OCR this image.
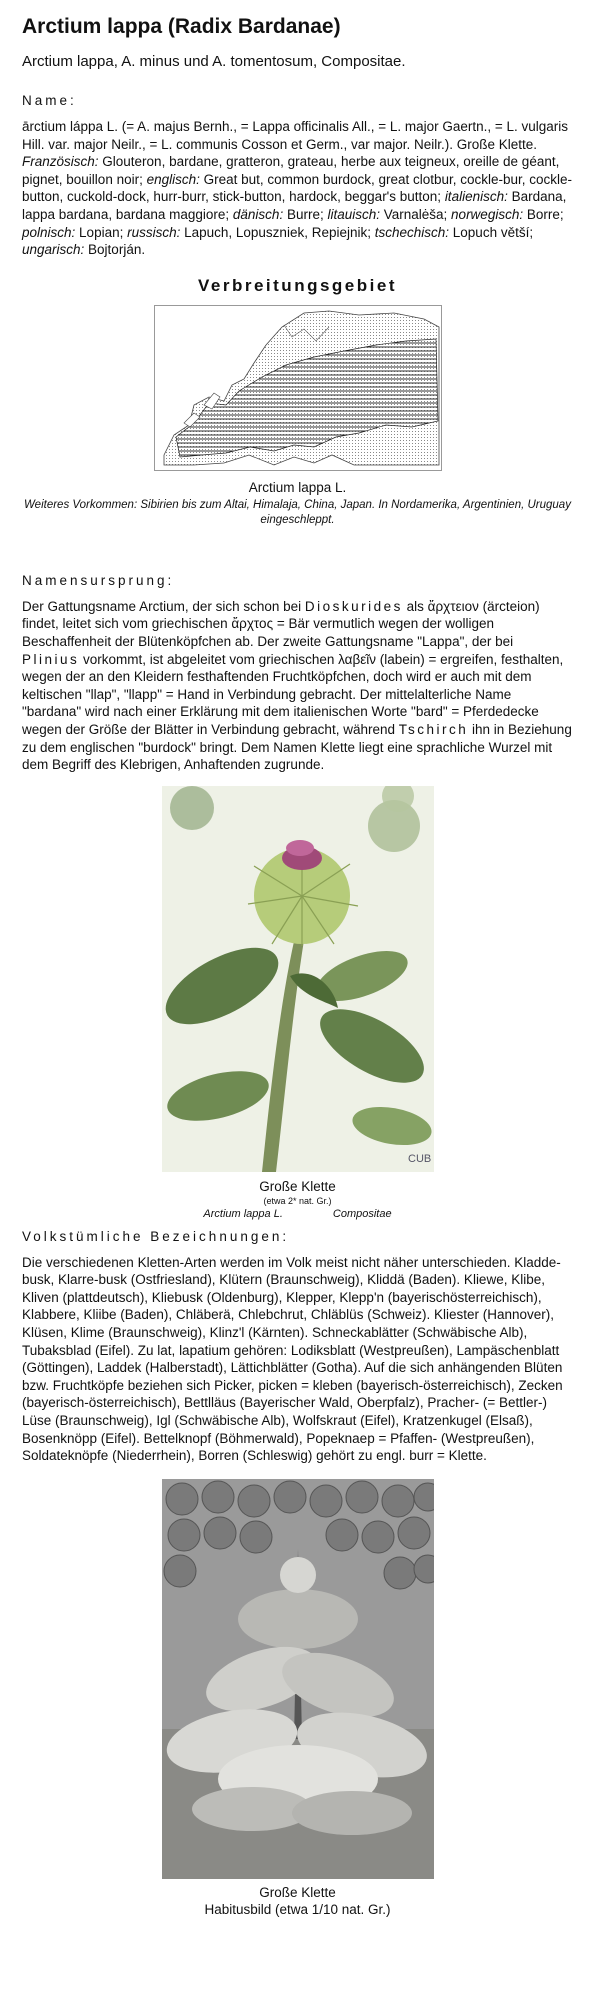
Arctium lappa (Radix Bardanae)

Arctium lappa, A. minus und A. tomentosum, Compositae.

Name:

ārctium láppa L. (= A. majus Bernh., = Lappa officinalis All., = L. major Gaertn., = L. vulgaris Hill. var. major Neilr., = L. communis Cosson et Germ., var major. Neilr.). Große Klette. Französisch: Glouteron, bardane, gratteron, grateau, herbe aux teigneux, oreille de géant, pignet, bouillon noir; englisch: Great but, common burdock, great clotbur, cockle-bur, cockle-button, cuckold-dock, hurr-burr, stick-button, hardock, beggar's button; italienisch: Bardana, lappa bardana, bardana maggiore; dänisch: Burre; litauisch: Varnalėša; norwegisch: Borre; polnisch: Lopian; russisch: Lapuch, Lopuszniek, Repiejnik; tschechisch: Lopuch větší; ungarisch: Bojtorján.

Verbreitungsgebiet

Arctium lappa L.

Weiteres Vorkommen: Sibirien bis zum Altai, Himalaja, China, Japan. In Nordamerika, Argentinien, Uruguay eingeschleppt.

Namensursprung:

Der Gattungsname Arctium, der sich schon bei Dioskurides als ἄρχτειον (ärcteion) findet, leitet sich vom griechischen ἄρχτος = Bär vermutlich wegen der wolligen Beschaffenheit der Blütenköpfchen ab. Der zweite Gattungsname "Lappa", der bei Plinius vorkommt, ist abgeleitet vom griechischen λαβεῖν (labein) = ergreifen, festhalten, wegen der an den Kleidern festhaftenden Fruchtköpfchen, doch wird er auch mit dem keltischen "llap", "llapp" = Hand in Verbindung gebracht. Der mittelalterliche Name "bardana" wird nach einer Erklärung mit dem italienischen Worte "bard" = Pferdedecke wegen der Größe der Blätter in Verbindung gebracht, während Tschirch ihn in Beziehung zu dem englischen "burdock" bringt. Dem Namen Klette liegt eine sprachliche Wurzel mit dem Begriff des Klebrigen, Anhaftenden zugrunde.

CUB

Große Klette

(etwa 2* nat. Gr.)

Arctium lappa L.	Compositae

Volkstümliche Bezeichnungen:

Die verschiedenen Kletten-Arten werden im Volk meist nicht näher unterschieden. Kladde-busk, Klarre-busk (Ostfriesland), Klütern (Braunschweig), Kliddä (Baden). Kliewe, Klibe, Kliven (plattdeutsch), Kliebusk (Oldenburg), Klepper, Klepp'n (bayerischösterreichisch), Klabbere, Kliibe (Baden), Chläberä, Chlebchrut, Chläblüs (Schweiz). Kliester (Hannover), Klüsen, Klime (Braunschweig), Klinz'l (Kärnten). Schneckablätter (Schwäbische Alb), Tubaksblad (Eifel). Zu lat, lapatium gehören: Lodiksblatt (Westpreußen), Lampäschenblatt (Göttingen), Laddek (Halberstadt), Lättichblätter (Gotha). Auf die sich anhängenden Blüten bzw. Fruchtköpfe beziehen sich Picker, picken = kleben (bayerisch-österreichisch), Zecken (bayerisch-österreichisch), Bettlläus (Bayerischer Wald, Oberpfalz), Pracher- (= Bettler-) Lüse (Braunschweig), Igl (Schwäbische Alb), Wolfskraut (Eifel), Kratzenkugel (Elsaß), Bosenknöpp (Eifel). Bettelknopf (Böhmerwald), Popeknaep = Pfaffen- (Westpreußen), Soldateknöpfe (Niederrhein), Borren (Schleswig) gehört zu engl. burr = Klette.

Große Klette

Habitusbild (etwa 1/10 nat. Gr.)
